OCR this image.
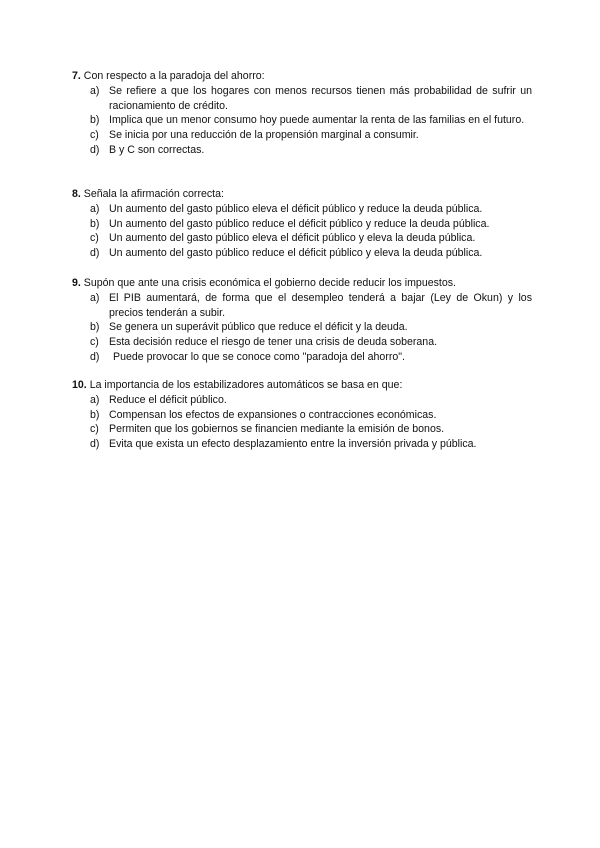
7. Con respecto a la paradoja del ahorro:
a) Se refiere a que los hogares con menos recursos tienen más probabilidad de sufrir un racionamiento de crédito.
b) Implica que un menor consumo hoy puede aumentar la renta de las familias en el futuro.
c) Se inicia por una reducción de la propensión marginal a consumir.
d) B y C son correctas.
8. Señala la afirmación correcta:
a) Un aumento del gasto público eleva el déficit público y reduce la deuda pública.
b) Un aumento del gasto público reduce el déficit público y reduce la deuda pública.
c) Un aumento del gasto público eleva el déficit público y eleva la deuda pública.
d) Un aumento del gasto público reduce el déficit público y eleva la deuda pública.
9. Supón que ante una crisis económica el gobierno decide reducir los impuestos.
a) El PIB aumentará, de forma que el desempleo tenderá a bajar (Ley de Okun) y los precios tenderán a subir.
b) Se genera un superávit público que reduce el déficit y la deuda.
c) Esta decisión reduce el riesgo de tener una crisis de deuda soberana.
d)	Puede provocar lo que se conoce como "paradoja del ahorro".
10. La importancia de los estabilizadores automáticos se basa en que:
a) Reduce el déficit público.
b) Compensan los efectos de expansiones o contracciones económicas.
c) Permiten que los gobiernos se financien mediante la emisión de bonos.
d) Evita que exista un efecto desplazamiento entre la inversión privada y pública.
